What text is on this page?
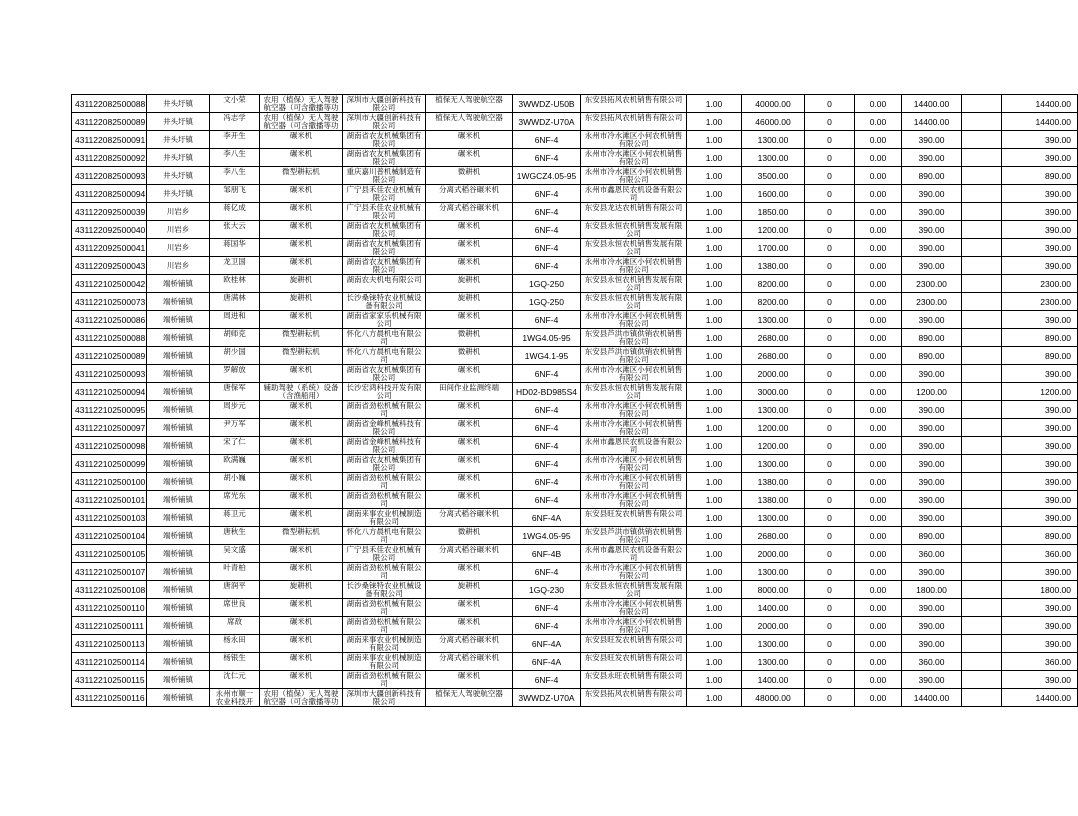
431122082500088	井头圩镇	文小荣	农用（植保）无人驾驶航空器（可含撒播等功	深圳市大疆创新科技有限公司	植保无人驾驶航空器	3WWDZ-U50B	东安县拓风农机销售有限公司	1.00	40000.00	0	0.00	14400.00		14400.00
431122082500089	井头圩镇	冯志学	农用（植保）无人驾驶航空器（可含撒播等功	深圳市大疆创新科技有限公司	植保无人驾驶航空器	3WWDZ-U70A	东安县拓风农机销售有限公司	1.00	46000.00	0	0.00	14400.00		14400.00
431122082500091	井头圩镇	李开生	碾米机	湖南省农友机械集团有限公司	碾米机	6NF-4	永州市冷水滩区小何农机销售有限公司	1.00	1300.00	0	0.00	390.00		390.00
431122082500092	井头圩镇	李八生	碾米机	湖南省农友机械集团有限公司	碾米机	6NF-4	永州市冷水滩区小何农机销售有限公司	1.00	1300.00	0	0.00	390.00		390.00
431122082500093	井头圩镇	李八生	微型耕耘机	重庆嘉川普机械制造有限公司	微耕机	1WGCZ4.05-95	永州市冷水滩区小何农机销售有限公司	1.00	3500.00	0	0.00	890.00		890.00
431122082500094	井头圩镇	邹朋飞	碾米机	广宁县禾佳农业机械有限公司	分离式稻谷碾米机	6NF-4	永州市鑫恩民农机设备有限公司	1.00	1600.00	0	0.00	390.00		390.00
431122092500039	川岩乡	蒋亿成	碾米机	广宁县禾佳农业机械有限公司	分离式稻谷碾米机	6NF-4	东安县龙达农机销售有限公司	1.00	1850.00	0	0.00	390.00		390.00
431122092500040	川岩乡	张大云	碾米机	湖南省农友机械集团有限公司	碾米机	6NF-4	东安县永恒农机销售发展有限公司	1.00	1200.00	0	0.00	390.00		390.00
431122092500041	川岩乡	蒋国华	碾米机	湖南省农友机械集团有限公司	碾米机	6NF-4	东安县永恒农机销售发展有限公司	1.00	1700.00	0	0.00	390.00		390.00
431122092500043	川岩乡	龙卫国	碾米机	湖南省农友机械集团有限公司	碾米机	6NF-4	永州市冷水滩区小何农机销售有限公司	1.00	1380.00	0	0.00	390.00		390.00
431122102500042	端桥铺镇	欧桂林	旋耕机	湖南农夫机电有限公司	旋耕机	1GQ-250	东安县永恒农机销售发展有限公司	1.00	8200.00	0	0.00	2300.00		2300.00
431122102500073	端桥铺镇	唐满林	旋耕机	长沙桑铼特农业机械设备有限公司	旋耕机	1GQ-250	东安县永恒农机销售发展有限公司	1.00	8200.00	0	0.00	2300.00		2300.00
431122102500086	端桥铺镇	周进和	碾米机	湖南省家家乐机械有限公司	碾米机	6NF-4	永州市冷水滩区小何农机销售有限公司	1.00	1300.00	0	0.00	390.00		390.00
431122102500088	端桥铺镇	胡师克	微型耕耘机	怀化八方晨机电有限公司	微耕机	1WG4.05-95	东安县芦洪市镇供销农机销售有限公司	1.00	2680.00	0	0.00	890.00		890.00
431122102500089	端桥铺镇	胡少国	微型耕耘机	怀化八方晨机电有限公司	微耕机	1WG4.1-95	东安县芦洪市镇供销农机销售有限公司	1.00	2680.00	0	0.00	890.00		890.00
431122102500093	端桥铺镇	罗解放	碾米机	湖南省农友机械集团有限公司	碾米机	6NF-4	永州市冷水滩区小何农机销售有限公司	1.00	2000.00	0	0.00	390.00		390.00
431122102500094	端桥铺镇	唐保军	辅助驾驶（系统）设备（含渔船用）	长沙宏鸿科技开发有限公司	田间作业监测终端	HD02-BD985S4	东安县永恒农机销售发展有限公司	1.00	3000.00	0	0.00	1200.00		1200.00
431122102500095	端桥铺镇	周步元	碾米机	湖南省劲松机械有限公司	碾米机	6NF-4	永州市冷水滩区小何农机销售有限公司	1.00	1300.00	0	0.00	390.00		390.00
431122102500097	端桥铺镇	尹万军	碾米机	湖南省金峰机械科技有限公司	碾米机	6NF-4	永州市冷水滩区小何农机销售有限公司	1.00	1200.00	0	0.00	390.00		390.00
431122102500098	端桥铺镇	宋了仁	碾米机	湖南省金峰机械科技有限公司	碾米机	6NF-4	永州市鑫恩民农机设备有限公司	1.00	1200.00	0	0.00	390.00		390.00
431122102500099	端桥铺镇	欧满巍	碾米机	湖南省农友机械集团有限公司	碾米机	6NF-4	永州市冷水滩区小何农机销售有限公司	1.00	1300.00	0	0.00	390.00		390.00
431122102500100	端桥铺镇	胡小巍	碾米机	湖南省劲松机械有限公司	碾米机	6NF-4	永州市冷水滩区小何农机销售有限公司	1.00	1380.00	0	0.00	390.00		390.00
431122102500101	端桥铺镇	席光东	碾米机	湖南省劲松机械有限公司	碾米机	6NF-4	永州市冷水滩区小何农机销售有限公司	1.00	1380.00	0	0.00	390.00		390.00
431122102500103	端桥铺镇	蒋卫元	碾米机	湖南来事农业机械制造有限公司	分离式稻谷碾米机	6NF-4A	东安县旺发农机销售有限公司	1.00	1300.00	0	0.00	390.00		390.00
431122102500104	端桥铺镇	唐秋生	微型耕耘机	怀化八方晨机电有限公司	微耕机	1WG4.05-95	东安县芦洪市镇供销农机销售有限公司	1.00	2680.00	0	0.00	890.00		890.00
431122102500105	端桥铺镇	吴文盛	碾米机	广宁县禾佳农业机械有限公司	分离式稻谷碾米机	6NF-4B	永州市鑫恩民农机设备有限公司	1.00	2000.00	0	0.00	360.00		360.00
431122102500107	端桥铺镇	叶青柏	碾米机	湖南省劲松机械有限公司	碾米机	6NF-4	永州市冷水滩区小何农机销售有限公司	1.00	1300.00	0	0.00	390.00		390.00
431122102500108	端桥铺镇	唐润平	旋耕机	长沙桑铼特农业机械设备有限公司	旋耕机	1GQ-230	东安县永恒农机销售发展有限公司	1.00	8000.00	0	0.00	1800.00		1800.00
431122102500110	端桥铺镇	席世良	碾米机	湖南省劲松机械有限公司	碾米机	6NF-4	永州市冷水滩区小何农机销售有限公司	1.00	1400.00	0	0.00	390.00		390.00
431122102500111	端桥铺镇	席敌	碾米机	湖南省劲松机械有限公司	碾米机	6NF-4	永州市冷水滩区小何农机销售有限公司	1.00	2000.00	0	0.00	390.00		390.00
431122102500113	端桥铺镇	杨永田	碾米机	湖南来事农业机械制造有限公司	分离式稻谷碾米机	6NF-4A	东安县旺发农机销售有限公司	1.00	1300.00	0	0.00	390.00		390.00
431122102500114	端桥铺镇	杨银生	碾米机	湖南来事农业机械制造有限公司	分离式稻谷碾米机	6NF-4A	东安县旺发农机销售有限公司	1.00	1300.00	0	0.00	360.00		360.00
431122102500115	端桥铺镇	沈仁元	碾米机	湖南省劲松机械有限公司	碾米机	6NF-4	东安县永旺农机销售有限公司	1.00	1400.00	0	0.00	390.00		390.00
431122102500116	端桥铺镇	永州市顺一农业科技开	农用（植保）无人驾驶航空器（可含撒播等功	深圳市大疆创新科技有限公司	植保无人驾驶航空器	3WWDZ-U70A	东安县拓风农机销售有限公司	1.00	48000.00	0	0.00	14400.00		14400.00
